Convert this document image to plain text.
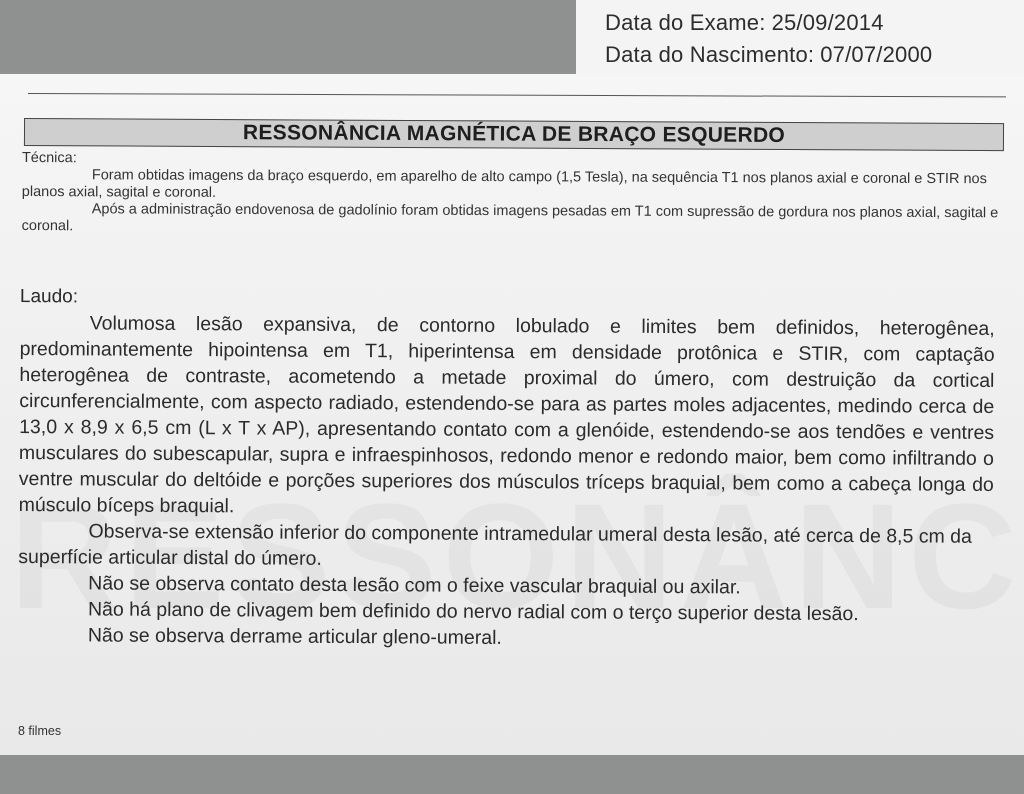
Data do Exame: 25/09/2014
Data do Nascimento: 07/07/2000
RESSONÂNCIA MAGNÉTICA DE BRAÇO ESQUERDO
Técnica:

Foram obtidas imagens da braço esquerdo, em aparelho de alto campo (1,5 Tesla), na sequência T1 nos planos axial e coronal e STIR nos planos axial, sagital e coronal.

Após a administração endovenosa de gadolínio foram obtidas imagens pesadas em T1 com supressão de gordura nos planos axial, sagital e coronal.

Laudo:

Volumosa lesão expansiva, de contorno lobulado e limites bem definidos, heterogênea, predominantemente hipointensa em T1, hiperintensa em densidade protônica e STIR, com captação heterogênea de contraste, acometendo a metade proximal do úmero, com destruição da cortical circunferencialmente, com aspecto radiado, estendendo-se para as partes moles adjacentes, medindo cerca de 13,0 x 8,9 x 6,5 cm (L x T x AP), apresentando contato com a glenóide, estendendo-se aos tendões e ventres musculares do subescapular, supra e infraespinhosos, redondo menor e redondo maior, bem como infiltrando o ventre muscular do deltóide e porções superiores dos músculos tríceps braquial, bem como a cabeça longa do músculo bíceps braquial.

Observa-se extensão inferior do componente intramedular umeral desta lesão, até cerca de 8,5 cm da superfície articular distal do úmero.

Não se observa contato desta lesão com o feixe vascular braquial ou axilar.

Não há plano de clivagem bem definido do nervo radial com o terço superior desta lesão.

Não se observa derrame articular gleno-umeral.

8 filmes
